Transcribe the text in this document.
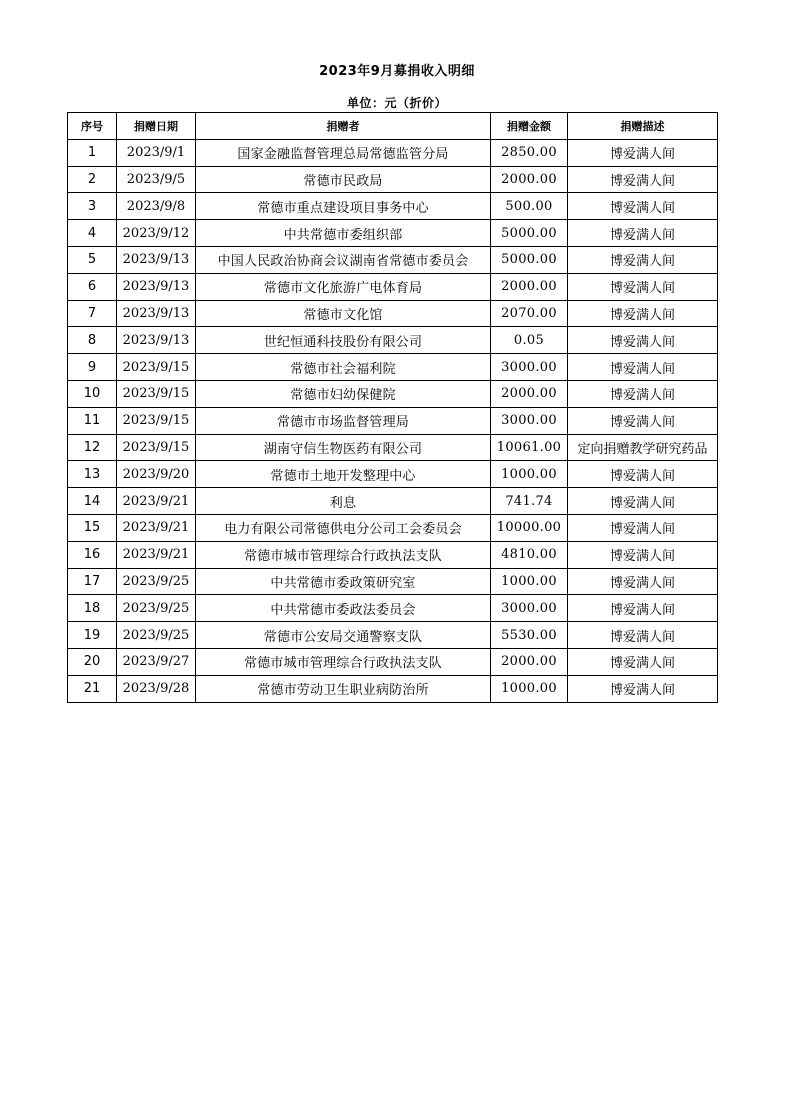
2023年9月募捐收入明细
单位：元（折价）
序号	捐赠日期	捐赠者	捐赠金额	捐赠描述
1	2023/9/1	国家金融监督管理总局常德监管分局	2850.00	博爱满人间
2	2023/9/5	常德市民政局	2000.00	博爱满人间
3	2023/9/8	常德市重点建设项目事务中心	500.00	博爱满人间
4	2023/9/12	中共常德市委组织部	5000.00	博爱满人间
5	2023/9/13	中国人民政治协商会议湖南省常德市委员会	5000.00	博爱满人间
6	2023/9/13	常德市文化旅游广电体育局	2000.00	博爱满人间
7	2023/9/13	常德市文化馆	2070.00	博爱满人间
8	2023/9/13	世纪恒通科技股份有限公司	0.05	博爱满人间
9	2023/9/15	常德市社会福利院	3000.00	博爱满人间
10	2023/9/15	常德市妇幼保健院	2000.00	博爱满人间
11	2023/9/15	常德市市场监督管理局	3000.00	博爱满人间
12	2023/9/15	湖南守信生物医药有限公司	10061.00	定向捐赠教学研究药品
13	2023/9/20	常德市土地开发整理中心	1000.00	博爱满人间
14	2023/9/21	利息	741.74	博爱满人间
15	2023/9/21	电力有限公司常德供电分公司工会委员会	10000.00	博爱满人间
16	2023/9/21	常德市城市管理综合行政执法支队	4810.00	博爱满人间
17	2023/9/25	中共常德市委政策研究室	1000.00	博爱满人间
18	2023/9/25	中共常德市委政法委员会	3000.00	博爱满人间
19	2023/9/25	常德市公安局交通警察支队	5530.00	博爱满人间
20	2023/9/27	常德市城市管理综合行政执法支队	2000.00	博爱满人间
21	2023/9/28	常德市劳动卫生职业病防治所	1000.00	博爱满人间
